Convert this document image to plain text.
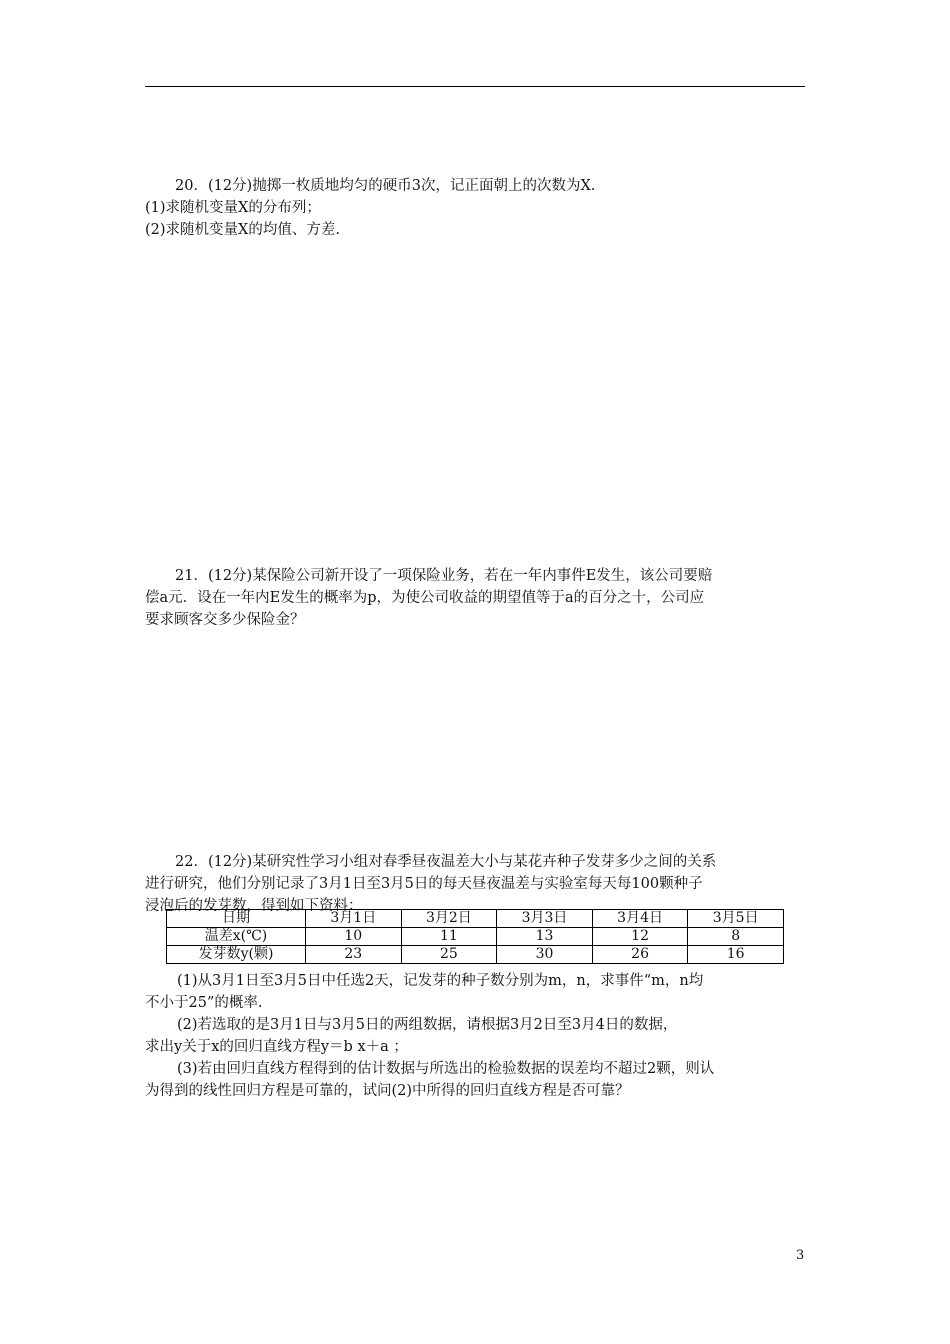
20．(12分)抛掷一枚质地均匀的硬币3次，记正面朝上的次数为X.
(1)求随机变量X的分布列；
(2)求随机变量X的均值、方差.
21．(12分)某保险公司新开设了一项保险业务，若在一年内事件E发生，该公司要赔
偿a元．设在一年内E发生的概率为p，为使公司收益的期望值等于a的百分之十，公司应
要求顾客交多少保险金？
22．(12分)某研究性学习小组对春季昼夜温差大小与某花卉种子发芽多少之间的关系
进行研究，他们分别记录了3月1日至3月5日的每天昼夜温差与实验室每天每100颗种子
浸泡后的发芽数，得到如下资料：
日期	3月1日	3月2日	3月3日	3月4日	3月5日
温差x(℃)	10	11	13	12	8
发芽数y(颗)	23	25	30	26	16
(1)从3月1日至3月5日中任选2天，记发芽的种子数分别为m，n，求事件“m，n均
不小于25”的概率.
(2)若选取的是3月1日与3月5日的两组数据，请根据3月2日至3月4日的数据，
求出y关于x的回归直线方程y＝b x＋a ；
(3)若由回归直线方程得到的估计数据与所选出的检验数据的误差均不超过2颗，则认
为得到的线性回归方程是可靠的，试问(2)中所得的回归直线方程是否可靠？
3
